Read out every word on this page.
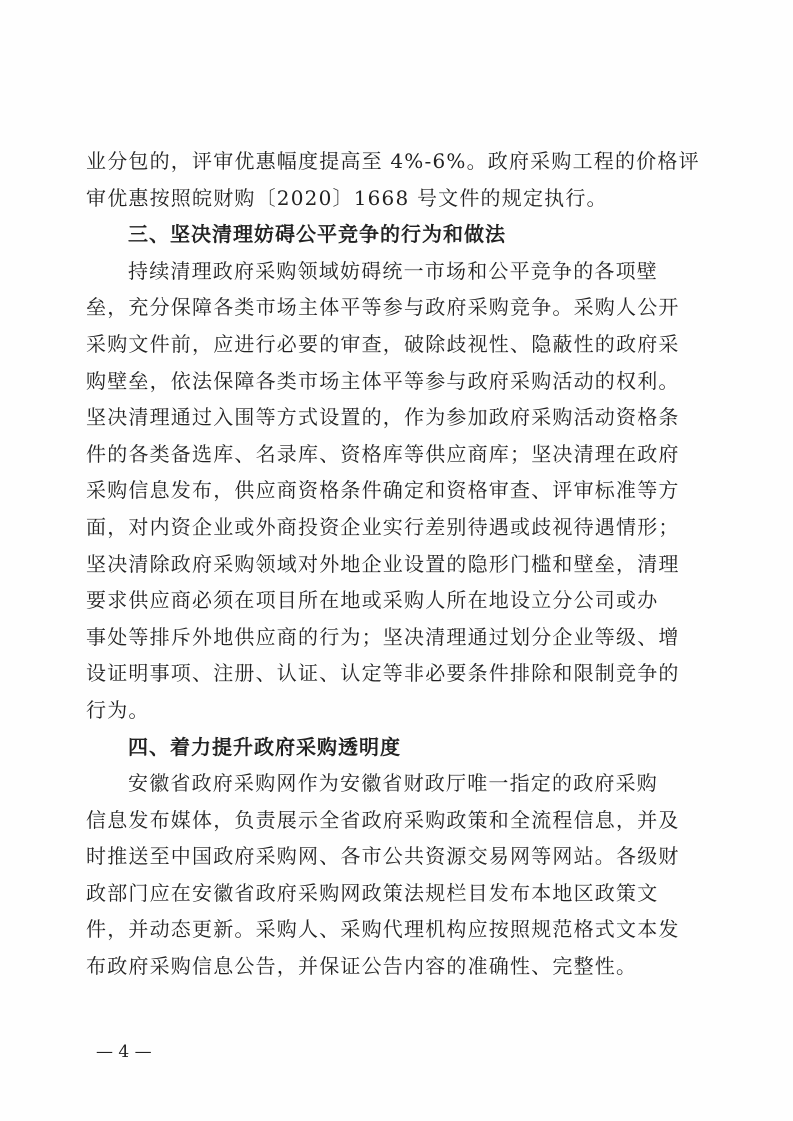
业分包的，评审优惠幅度提高至 4%-6%。政府采购工程的价格评
审优惠按照皖财购〔2020〕1668 号文件的规定执行。
三、坚决清理妨碍公平竞争的行为和做法
持续清理政府采购领域妨碍统一市场和公平竞争的各项壁
垒，充分保障各类市场主体平等参与政府采购竞争。采购人公开
采购文件前，应进行必要的审查，破除歧视性、隐蔽性的政府采
购壁垒，依法保障各类市场主体平等参与政府采购活动的权利。
坚决清理通过入围等方式设置的，作为参加政府采购活动资格条
件的各类备选库、名录库、资格库等供应商库；坚决清理在政府
采购信息发布，供应商资格条件确定和资格审查、评审标准等方
面，对内资企业或外商投资企业实行差别待遇或歧视待遇情形；
坚决清除政府采购领域对外地企业设置的隐形门槛和壁垒，清理
要求供应商必须在项目所在地或采购人所在地设立分公司或办
事处等排斥外地供应商的行为；坚决清理通过划分企业等级、增
设证明事项、注册、认证、认定等非必要条件排除和限制竞争的
行为。
四、着力提升政府采购透明度
安徽省政府采购网作为安徽省财政厅唯一指定的政府采购
信息发布媒体，负责展示全省政府采购政策和全流程信息，并及
时推送至中国政府采购网、各市公共资源交易网等网站。各级财
政部门应在安徽省政府采购网政策法规栏目发布本地区政策文
件，并动态更新。采购人、采购代理机构应按照规范格式文本发
布政府采购信息公告，并保证公告内容的准确性、完整性。
— 4 —
